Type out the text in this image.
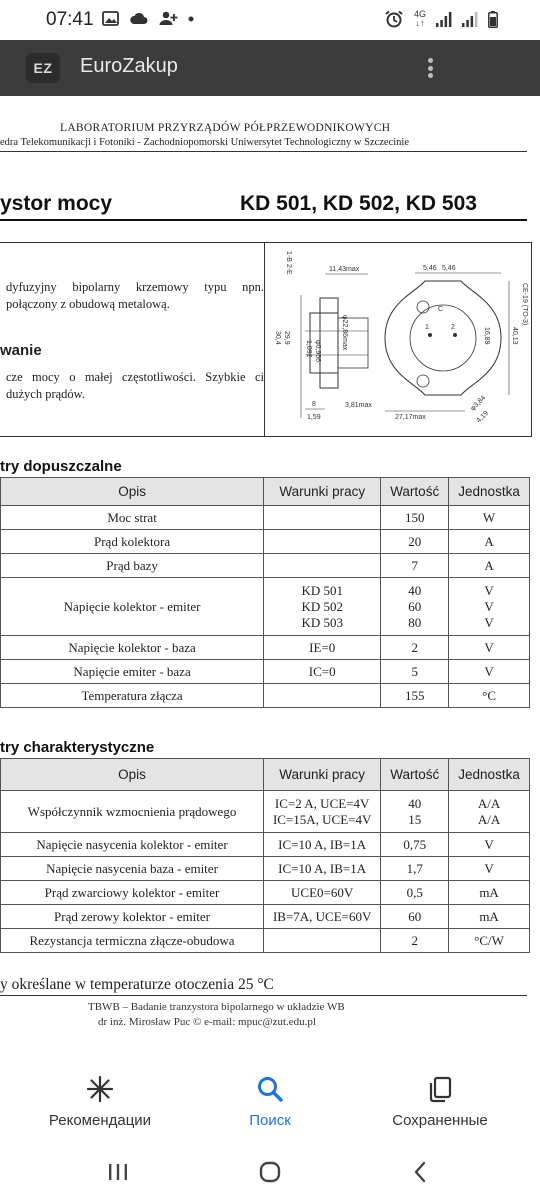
07:41	4G
↓↑
EZ EuroZakup
LABORATORIUM PRZYRZĄDÓW PÓŁPRZEWODNIKOWYCH
edra Telekomunikacji i Fotoniki - Zachodniopomorski Uniwersytet Technologiczny w Szczecinie
ystor mocy	KD 501, KD 502, KD 503
dyfuzyjny bipolarny krzemowy typu npn. połączony z obudową metalową.
wanie
cze mocy o małej częstotliwości. Szybkie ci dużych prądów.
1-B 2-E	11,43max
φ22,86max
29,9
30,4
φ0,966
1,092
8
1,59
3,81max
1	2
C
5,46 5,46
16,89	40,13
CE-19 (TO-3)
27,17max
φ3,84
4,19
try dopuszczalne
	Opis	Warunki pracy	Wartość	Jednostka
	Moc strat		150	W
	Prąd kolektora		20	A
	Prąd bazy		7	A
	Napięcie kolektor - emiter	KD 501
KD 502
KD 503	40
60
80	V
V
V
	Napięcie kolektor - baza	IE=0	2	V
	Napięcie emiter - baza	IC=0	5	V
	Temperatura złącza		155	°C
try charakterystyczne
	Opis	Warunki pracy	Wartość	Jednostka
	Współczynnik wzmocnienia prądowego	IC=2 A, UCE=4V
IC=15A, UCE=4V	40
15	A/A
A/A
	Napięcie nasycenia kolektor - emiter	IC=10 A, IB=1A	0,75	V
	Napięcie nasycenia baza - emiter	IC=10 A, IB=1A	1,7	V
	Prąd zwarciowy kolektor - emiter	UCE0=60V	0,5	mA
	Prąd zerowy kolektor - emiter	IB=7A, UCE=60V	60	mA
	Rezystancja termiczna złącze-obudowa		2	°C/W
y określane w temperaturze otoczenia 25 °C
TBWB – Badanie tranzystora bipolarnego w układzie WB
dr inż. Mirosław Puc © e-mail: mpuc@zut.edu.pl
Рекомендации	Поиск	Сохраненные
